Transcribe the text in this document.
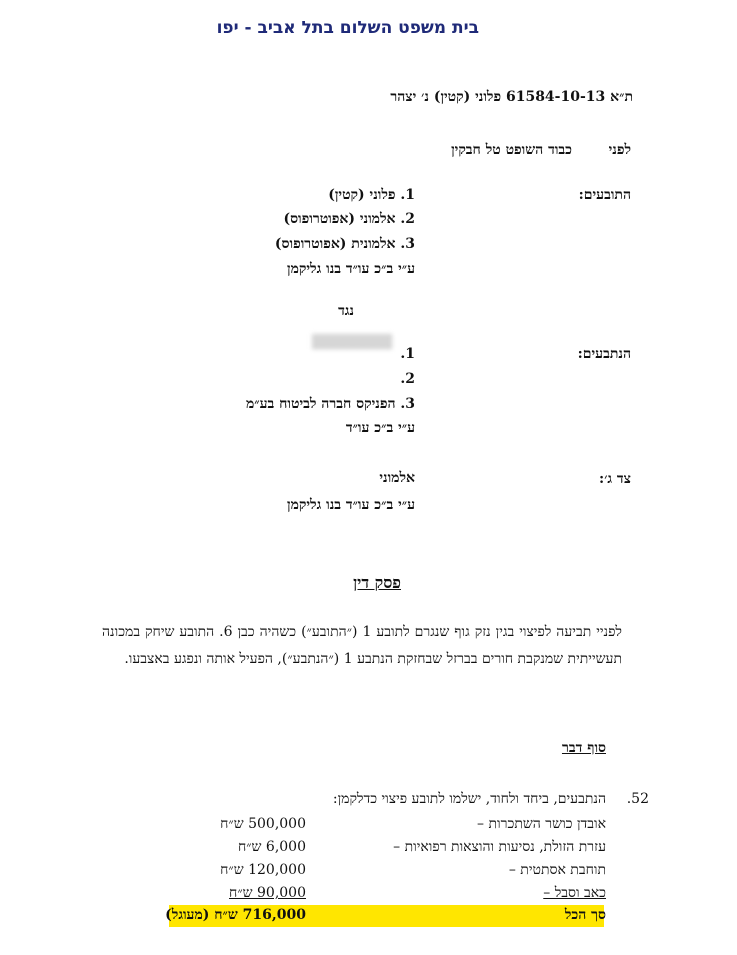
בית משפט השלום בתל אביב - יפו
ת״א 61584-10-13 פלוני (קטין) נ׳ יצהר
לפני
כבוד השופט טל חבקין
התובעים:
1. פלוני (קטין)
2. אלמוני (אפוטרופוס)
3. אלמונית (אפוטרופוס)
ע״י ב״כ עו״ד בנו גליקמן
נגד
הנתבעים:
1.
████████
2.
3. הפניקס חברה לביטוח בע״מ
ע״י ב״כ עו״ד
צד ג׳:
אלמוני
ע״י ב״כ עו״ד בנו גליקמן
פסק דין
לפניי תביעה לפיצוי בגין נזק גוף שנגרם לתובע 1 (״התובע״) כשהיה כבן 6. התובע שיחק במכונה תעשייתית שמנקבת חורים בברזל שבחזקת הנתבע 1 (״הנתבע״), הפעיל אותה ונפגע באצבעו.
סוף דבר
52.
הנתבעים, ביחד ולחוד, ישלמו לתובע פיצוי כדלקמן:
אובדן כושר השתכרות –
500,000 ש״ח
עזרת הזולת, נסיעות והוצאות רפואיות –
6,000 ש״ח
תוחבת אסתטית –
120,000 ש״ח
כאב וסבל –
90,000 ש״ח
סך הכל
716,000 ש״ח (מעוגל)
